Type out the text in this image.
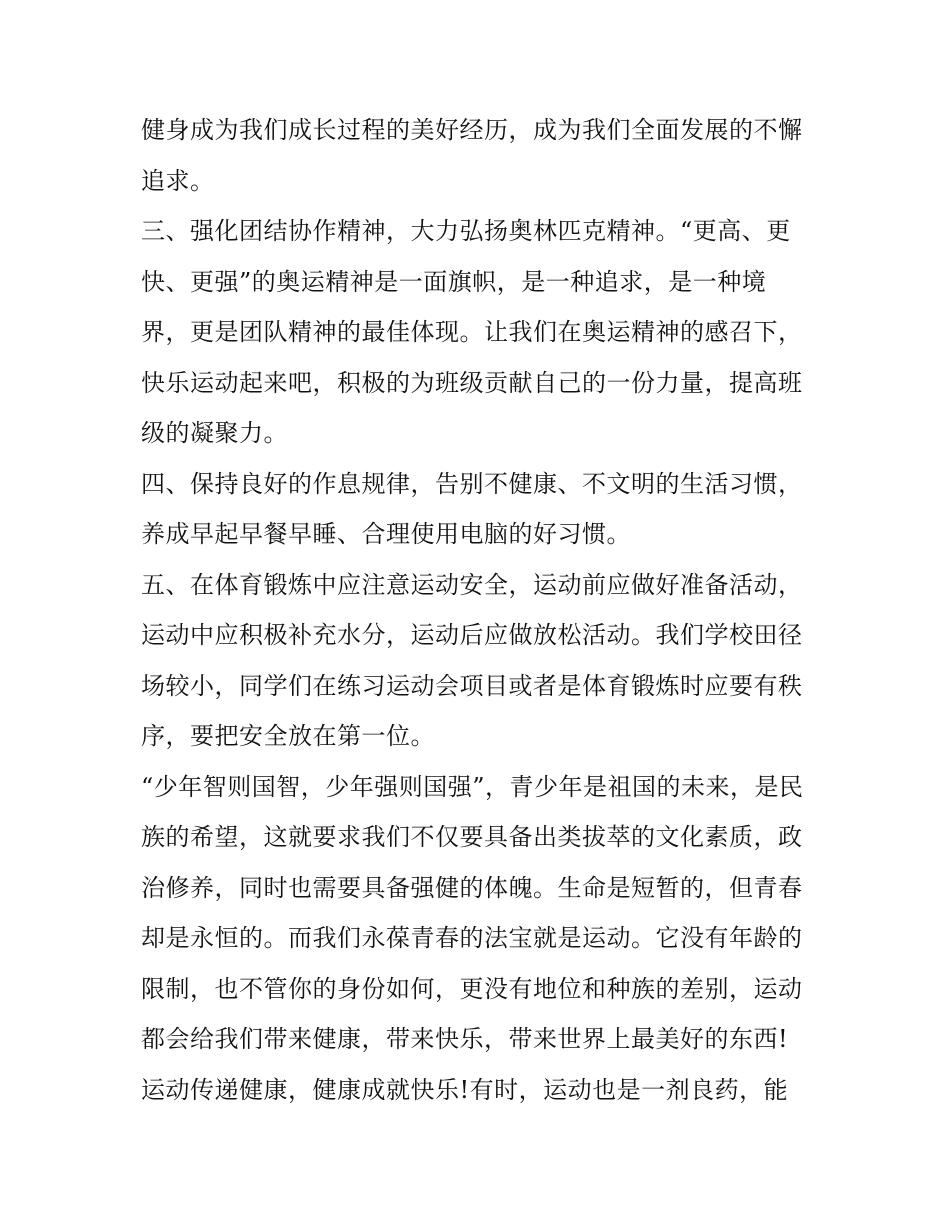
健身成为我们成长过程的美好经历，成为我们全面发展的不懈
追求。
三、强化团结协作精神，大力弘扬奥林匹克精神。“更高、更
快、更强”的奥运精神是一面旗帜，是一种追求，是一种境
界，更是团队精神的最佳体现。让我们在奥运精神的感召下，
快乐运动起来吧，积极的为班级贡献自己的一份力量，提高班
级的凝聚力。
四、保持良好的作息规律，告别不健康、不文明的生活习惯，
养成早起早餐早睡、合理使用电脑的好习惯。
五、在体育锻炼中应注意运动安全，运动前应做好准备活动，
运动中应积极补充水分，运动后应做放松活动。我们学校田径
场较小，同学们在练习运动会项目或者是体育锻炼时应要有秩
序，要把安全放在第一位。
“少年智则国智，少年强则国强”，青少年是祖国的未来，是民
族的希望，这就要求我们不仅要具备出类拔萃的文化素质，政
治修养，同时也需要具备强健的体魄。生命是短暂的，但青春
却是永恒的。而我们永葆青春的法宝就是运动。它没有年龄的
限制，也不管你的身份如何，更没有地位和种族的差别，运动
都会给我们带来健康，带来快乐，带来世界上最美好的东西!
运动传递健康，健康成就快乐!有时，运动也是一剂良药，能
